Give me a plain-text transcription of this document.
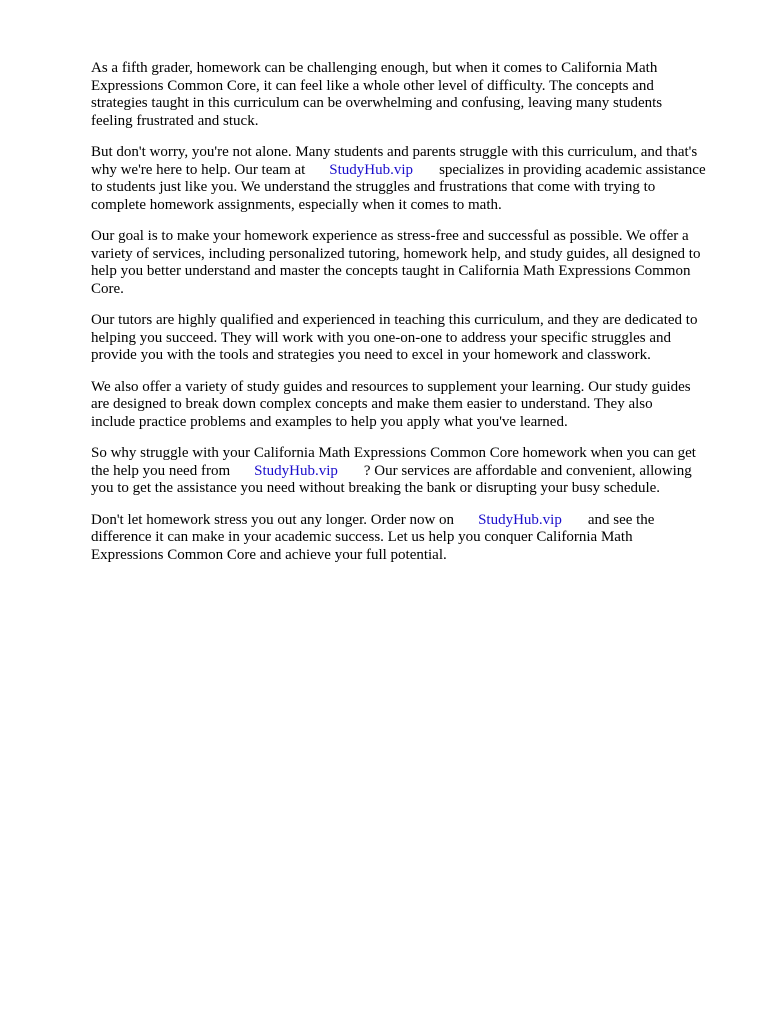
As a fifth grader, homework can be challenging enough, but when it comes to California Math
Expressions Common Core, it can feel like a whole other level of difficulty. The concepts and
strategies taught in this curriculum can be overwhelming and confusing, leaving many students
feeling frustrated and stuck.

But don't worry, you're not alone. Many students and parents struggle with this curriculum, and that's
why we're here to help. Our team at StudyHub.vip specializes in providing academic assistance
to students just like you. We understand the struggles and frustrations that come with trying to
complete homework assignments, especially when it comes to math.

Our goal is to make your homework experience as stress-free and successful as possible. We offer a
variety of services, including personalized tutoring, homework help, and study guides, all designed to
help you better understand and master the concepts taught in California Math Expressions Common
Core.

Our tutors are highly qualified and experienced in teaching this curriculum, and they are dedicated to
helping you succeed. They will work with you one-on-one to address your specific struggles and
provide you with the tools and strategies you need to excel in your homework and classwork.

We also offer a variety of study guides and resources to supplement your learning. Our study guides
are designed to break down complex concepts and make them easier to understand. They also
include practice problems and examples to help you apply what you've learned.

So why struggle with your California Math Expressions Common Core homework when you can get
the help you need from StudyHub.vip ? Our services are affordable and convenient, allowing
you to get the assistance you need without breaking the bank or disrupting your busy schedule.

Don't let homework stress you out any longer. Order now on StudyHub.vip and see the
difference it can make in your academic success. Let us help you conquer California Math
Expressions Common Core and achieve your full potential.
